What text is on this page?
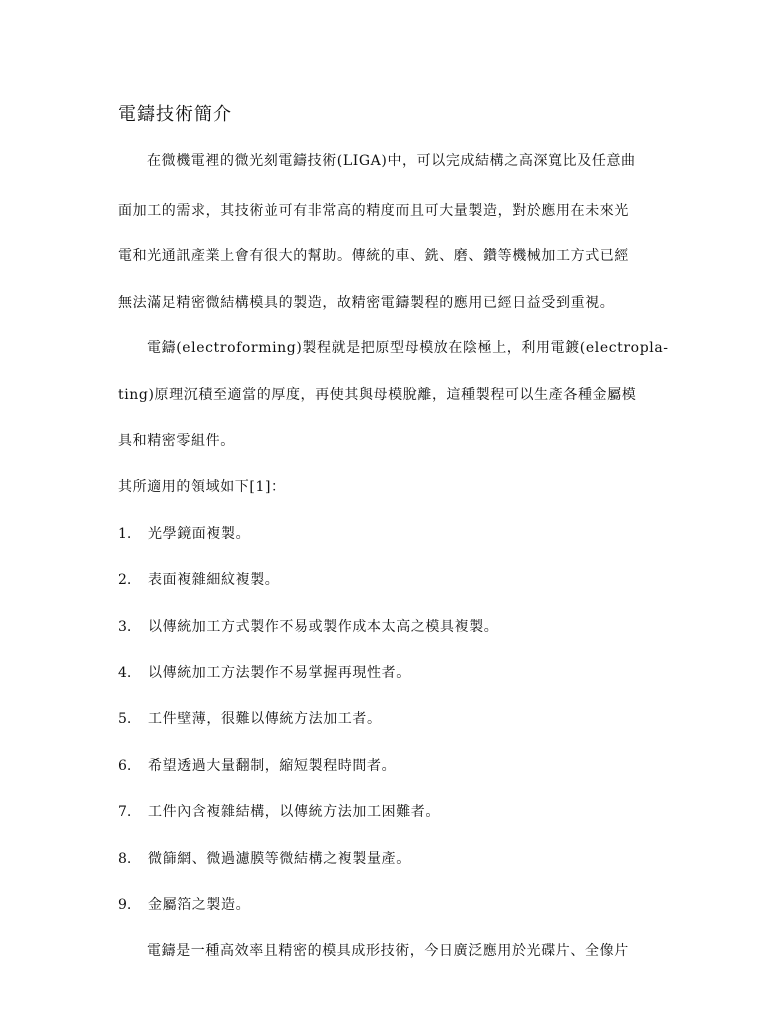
電鑄技術簡介
在微機電裡的微光刻電鑄技術(LIGA)中，可以完成結構之高深寬比及任意曲
面加工的需求，其技術並可有非常高的精度而且可大量製造，對於應用在未來光
電和光通訊產業上會有很大的幫助。傳統的車、銑、磨、鑽等機械加工方式已經
無法滿足精密微結構模具的製造，故精密電鑄製程的應用已經日益受到重視。
電鑄(electroforming)製程就是把原型母模放在陰極上，利用電鍍(electropla-
ting)原理沉積至適當的厚度，再使其與母模脫離，這種製程可以生產各種金屬模
具和精密零組件。
其所適用的領域如下[1]：
1. 光學鏡面複製。
2. 表面複雜細紋複製。
3. 以傳統加工方式製作不易或製作成本太高之模具複製。
4. 以傳統加工方法製作不易掌握再現性者。
5. 工件壁薄，很難以傳統方法加工者。
6. 希望透過大量翻制，縮短製程時間者。
7. 工件內含複雜結構，以傳統方法加工困難者。
8. 微篩網、微過濾膜等微結構之複製量產。
9. 金屬箔之製造。
電鑄是一種高效率且精密的模具成形技術，今日廣泛應用於光碟片、全像片
